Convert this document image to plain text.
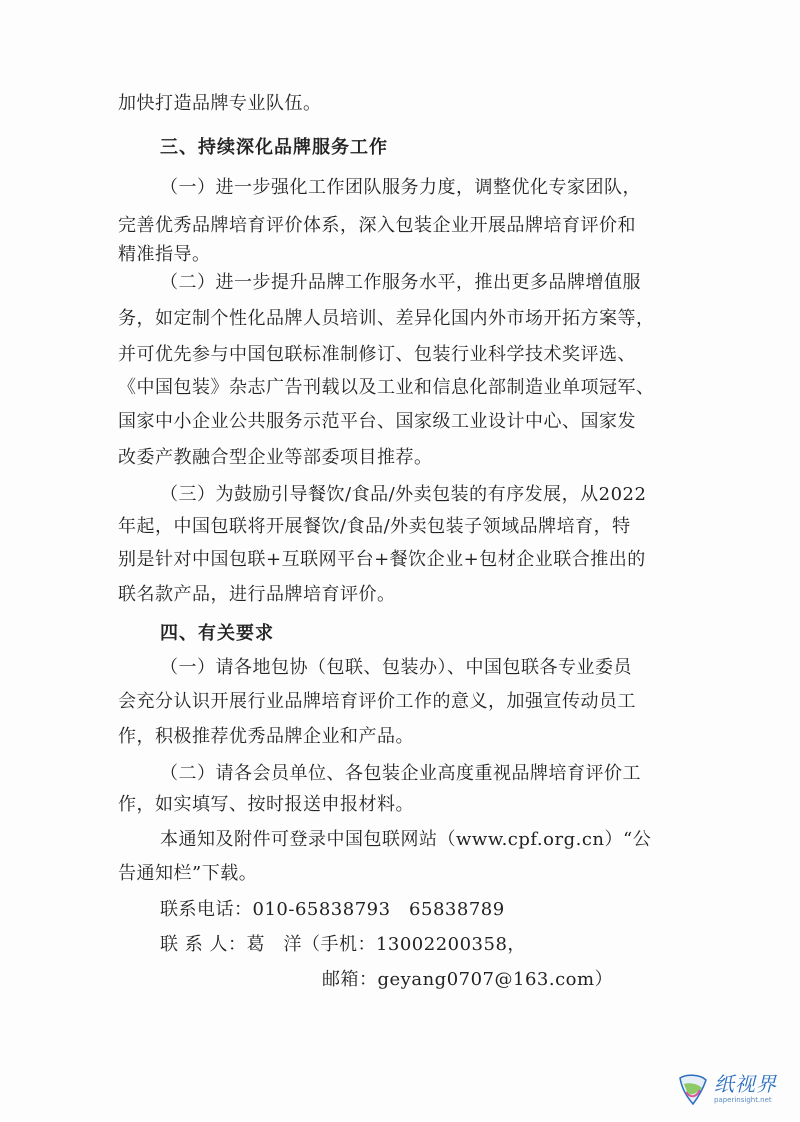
加快打造品牌专业队伍。
三、持续深化品牌服务工作
（一）进一步强化工作团队服务力度，调整优化专家团队，
完善优秀品牌培育评价体系，深入包装企业开展品牌培育评价和
精准指导。
（二）进一步提升品牌工作服务水平，推出更多品牌增值服
务，如定制个性化品牌人员培训、差异化国内外市场开拓方案等，
并可优先参与中国包联标准制修订、包装行业科学技术奖评选、
《中国包装》杂志广告刊载以及工业和信息化部制造业单项冠军、
国家中小企业公共服务示范平台、国家级工业设计中心、国家发
改委产教融合型企业等部委项目推荐。
（三）为鼓励引导餐饮/食品/外卖包装的有序发展，从2022
年起，中国包联将开展餐饮/食品/外卖包装子领域品牌培育，特
别是针对中国包联+互联网平台+餐饮企业+包材企业联合推出的
联名款产品，进行品牌培育评价。
四、有关要求
（一）请各地包协（包联、包装办）、中国包联各专业委员
会充分认识开展行业品牌培育评价工作的意义，加强宣传动员工
作，积极推荐优秀品牌企业和产品。
（二）请各会员单位、各包装企业高度重视品牌培育评价工
作，如实填写、按时报送申报材料。
本通知及附件可登录中国包联网站（www.cpf.org.cn）“公
告通知栏”下载。
联系电话：010-65838793　65838789
联 系 人：葛　洋（手机：13002200358，
邮箱：geyang0707@163.com）
纸视界
paperinsight.net
